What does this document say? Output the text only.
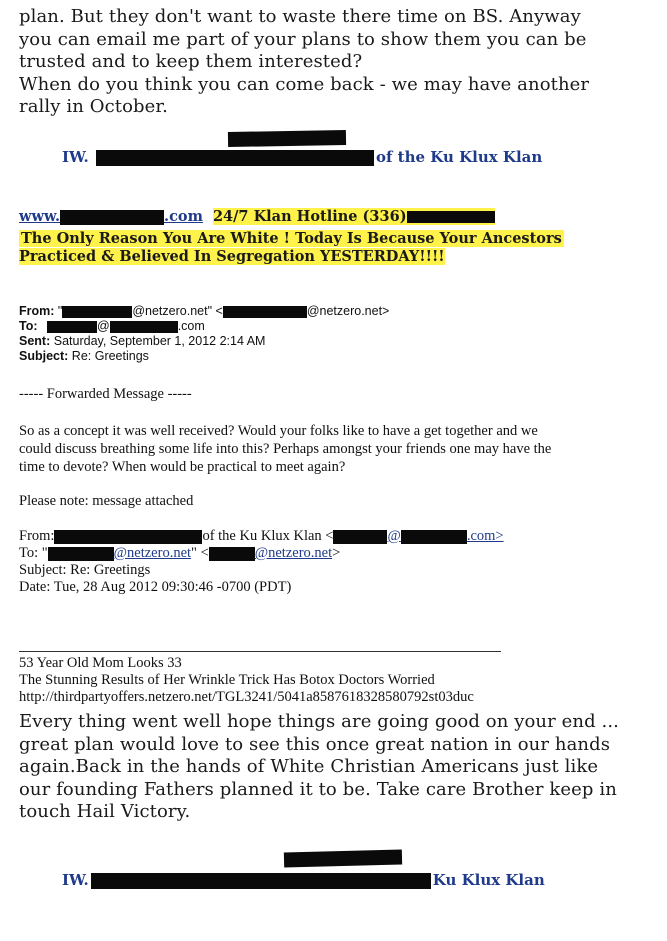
plan. But they don't want to waste there time on BS. Anyway
you can email me part of your plans to show them you can be
trusted and to keep them interested?
When do you think you can come back - we may have another
rally in October.
IW.	of the Ku Klux Klan
www.	.com 24/7 Klan Hotline (336)
The Only Reason You Are White ! Today Is Because Your Ancestors
Practiced & Believed In Segregation YESTERDAY!!!!
From: "	@netzero.net" <	@netzero.net>
To:	@	.com
Sent: Saturday, September 1, 2012 2:14 AM
Subject: Re: Greetings
----- Forwarded Message -----
So as a concept it was well received? Would your folks like to have a get together and we
could discuss breathing some life into this? Perhaps amongst your friends one may have the
time to devote? When would be practical to meet again?
Please note: message attached
From:	of the Ku Klux Klan <	@	.com>
To: "	@netzero.net" <	@netzero.net>
Subject: Re: Greetings
Date: Tue, 28 Aug 2012 09:30:46 -0700 (PDT)
53 Year Old Mom Looks 33
The Stunning Results of Her Wrinkle Trick Has Botox Doctors Worried
http://thirdpartyoffers.netzero.net/TGL3241/5041a8587618328580792st03duc
Every thing went well hope things are going good on your end ...
great plan would love to see this once great nation in our hands
again.Back in the hands of White Christian Americans just like
our founding Fathers planned it to be. Take care Brother keep in
touch Hail Victory.
IW.	Ku Klux Klan
